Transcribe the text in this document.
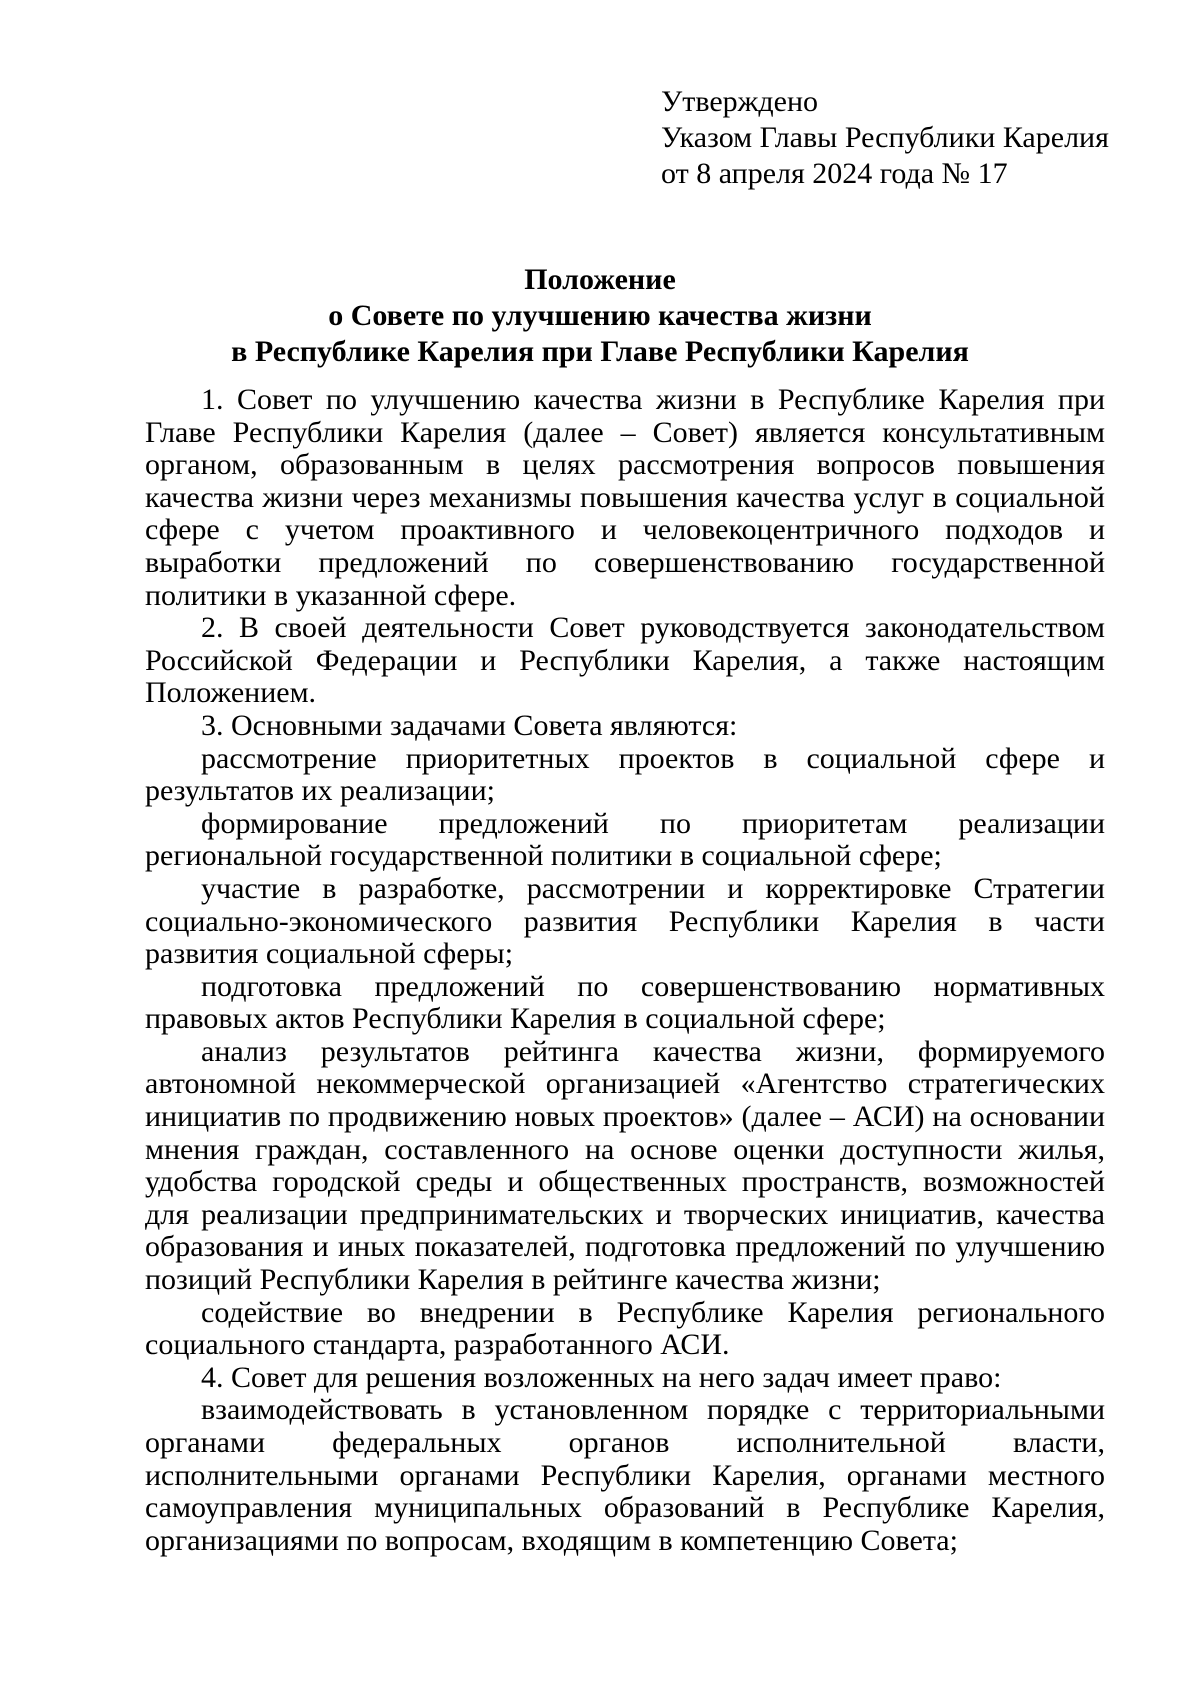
Утверждено
Указом Главы Республики Карелия
от 8 апреля 2024 года № 17
Положение
о Совете по улучшению качества жизни
в Республике Карелия при Главе Республики Карелия

1. Совет по улучшению качества жизни в Республике Карелия при Главе Республики Карелия (далее – Совет) является консультативным органом, образованным в целях рассмотрения вопросов повышения качества жизни через механизмы повышения качества услуг в социальной сфере с учетом проактивного и человекоцентричного подходов и выработки предложений по совершенствованию государственной политики в указанной сфере.

2. В своей деятельности Совет руководствуется законодательством Российской Федерации и Республики Карелия, а также настоящим Положением.

3. Основными задачами Совета являются:

рассмотрение приоритетных проектов в социальной сфере и результатов их реализации;

формирование предложений по приоритетам реализации региональной государственной политики в социальной сфере;

участие в разработке, рассмотрении и корректировке Стратегии социально-экономического развития Республики Карелия в части развития социальной сферы;

подготовка предложений по совершенствованию нормативных правовых актов Республики Карелия в социальной сфере;

анализ результатов рейтинга качества жизни, формируемого автономной некоммерческой организацией «Агентство стратегических инициатив по продвижению новых проектов» (далее – АСИ) на основании мнения граждан, составленного на основе оценки доступности жилья, удобства городской среды и общественных пространств, возможностей для реализации предпринимательских и творческих инициатив, качества образования и иных показателей, подготовка предложений по улучшению позиций Республики Карелия в рейтинге качества жизни;

содействие во внедрении в Республике Карелия регионального социального стандарта, разработанного АСИ.

4. Совет для решения возложенных на него задач имеет право:

взаимодействовать в установленном порядке с территориальными органами федеральных органов исполнительной власти, исполнительными органами Республики Карелия, органами местного самоуправления муниципальных образований в Республике Карелия, организациями по вопросам, входящим в компетенцию Совета;
